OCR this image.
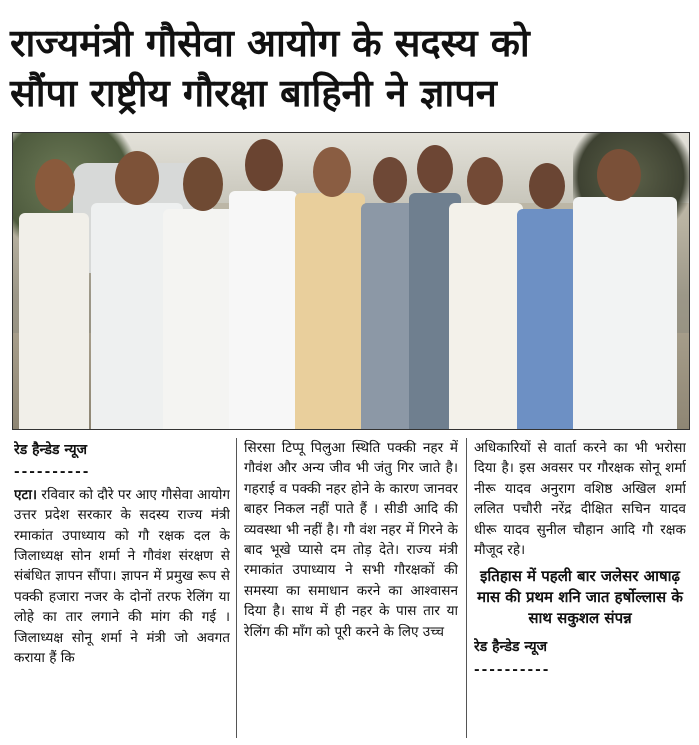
राज्यमंत्री गौसेवा आयोग के सदस्य को
सौंपा राष्ट्रीय गौरक्षा बाहिनी ने ज्ञापन
रेड हैन्डेड न्यूज
----------

एटा। रविवार को दौरे पर आए गौसेवा आयोग उत्तर प्रदेश सरकार के सदस्य राज्य मंत्री रमाकांत उपाध्याय को गौ रक्षक दल के जिलाध्यक्ष सोन शर्मा ने गौवंश संरक्षण से संबंधित ज्ञापन सौंपा। ज्ञापन में प्रमुख रूप से पक्की हजारा नजर के दोनों तरफ रेलिंग या लोहे का तार लगाने की मांग की गई । जिलाध्यक्ष सोनू शर्मा ने मंत्री जो अवगत कराया हैं कि

सिरसा टिप्पू पिलुआ स्थिति पक्की नहर में गौवंश और अन्य जीव भी जंतु गिर जाते है। गहराई व पक्की नहर होने के कारण जानवर बाहर निकल नहीं पाते हैं । सीडी आदि की व्यवस्था भी नहीं है। गौ वंश नहर में गिरने के बाद भूखे प्यासे दम तोड़ देते। राज्य मंत्री रमाकांत उपाध्याय ने सभी गौरक्षकों की समस्या का समाधान करने का आश्वासन दिया है। साथ में ही नहर के पास तार या रेलिंग की माँग को पूरी करने के लिए उच्च

अधिकारियों से वार्ता करने का भी भरोसा दिया है। इस अवसर पर गौरक्षक सोनू शर्मा नीरू यादव अनुराग वशिष्ठ अखिल शर्मा ललित पचौरी नरेंद्र दीक्षित सचिन यादव धीरू यादव सुनील चौहान आदि गौ रक्षक मौजूद रहे।

इतिहास में पहली बार जलेसर आषाढ़ मास की प्रथम शनि जात हर्षोल्लास के साथ सकुशल संपन्न
रेड हैन्डेड न्यूज
----------
